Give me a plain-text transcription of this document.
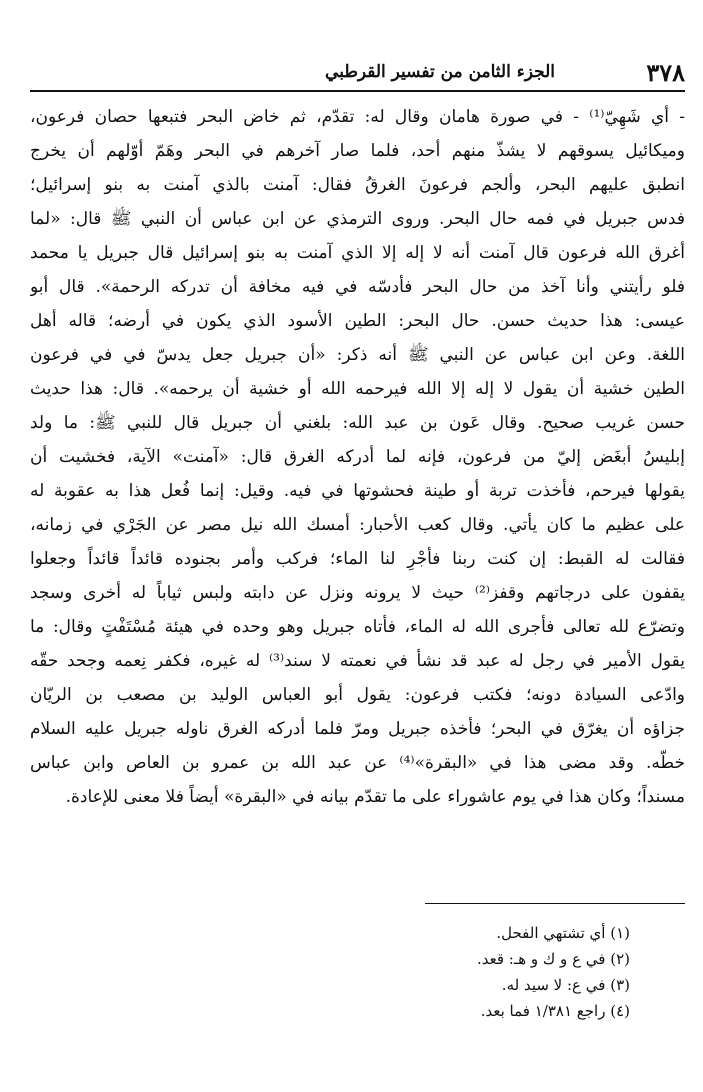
٣٧٨
الجزء الثامن من تفسير القرطبي
- أي شَهِيّ⁽¹⁾ - في صورة هامان وقال له: تقدّم، ثم خاض البحر فتبعها حصان فرعون،
وميكائيل يسوقهم لا يشذّ منهم أحد، فلما صار آخرهم في البحر وهَمّ أوّلهم أن يخرج
انطبق عليهم البحر، وألجم فرعونَ الغرقُ فقال: آمنت بالذي آمنت به بنو إسرائيل؛
فدس جبريل في فمه حال البحر. وروى الترمذي عن ابن عباس أن النبي ﷺ قال: «لما
أغرق الله فرعون قال آمنت أنه لا إله إلا الذي آمنت به بنو إسرائيل قال جبريل يا محمد
فلو رأيتني وأنا آخذ من حال البحر فأدسّه في فيه مخافة أن تدركه الرحمة». قال أبو
عيسى: هذا حديث حسن. حال البحر: الطين الأسود الذي يكون في أرضه؛ قاله أهل
اللغة. وعن ابن عباس عن النبي ﷺ أنه ذكر: «أن جبريل جعل يدسّ في في فرعون
الطين خشية أن يقول لا إله إلا الله فيرحمه الله أو خشية أن يرحمه». قال: هذا حديث
حسن غريب صحيح. وقال عَون بن عبد الله: بلغني أن جبريل قال للنبي ﷺ: ما ولد
إبليسُ أبغَض إليّ من فرعون، فإنه لما أدركه الغرق قال: «آمنت» الآية، فخشيت أن
يقولها فيرحم، فأخذت تربة أو طينة فحشوتها في فيه. وقيل: إنما فُعل هذا به عقوبة له
على عظيم ما كان يأتي. وقال كعب الأحبار: أمسك الله نيل مصر عن الجَرْي في زمانه،
فقالت له القبط: إن كنت ربنا فأجْرِ لنا الماء؛ فركب وأمر بجنوده قائداً قائداً وجعلوا
يقفون على درجاتهم وقفز⁽²⁾ حيث لا يرونه ونزل عن دابته ولبس ثياباً له أخرى وسجد
وتضرّع لله تعالى فأجرى الله له الماء، فأتاه جبريل وهو وحده في هيئة مُسْتَفْتٍ وقال: ما
يقول الأمير في رجل له عبد قد نشأ في نعمته لا سند⁽³⁾ له غيره، فكفر نِعمه وجحد حقّه
وادّعى السيادة دونه؛ فكتب فرعون: يقول أبو العباس الوليد بن مصعب بن الريّان
جزاؤه أن يغرّق في البحر؛ فأخذه جبريل ومرّ فلما أدركه الغرق ناوله جبريل عليه السلام
خطّه. وقد مضى هذا في «البقرة»⁽⁴⁾ عن عبد الله بن عمرو بن العاص وابن عباس
مسنداً؛ وكان هذا في يوم عاشوراء على ما تقدّم بيانه في «البقرة» أيضاً فلا معنى للإعادة.
(١) أي تشتهي الفحل.
(٢) في ع و ك و هـ: قعد.
(٣) في ع: لا سيد له.
(٤) راجع ١/٣٨١ فما بعد.
